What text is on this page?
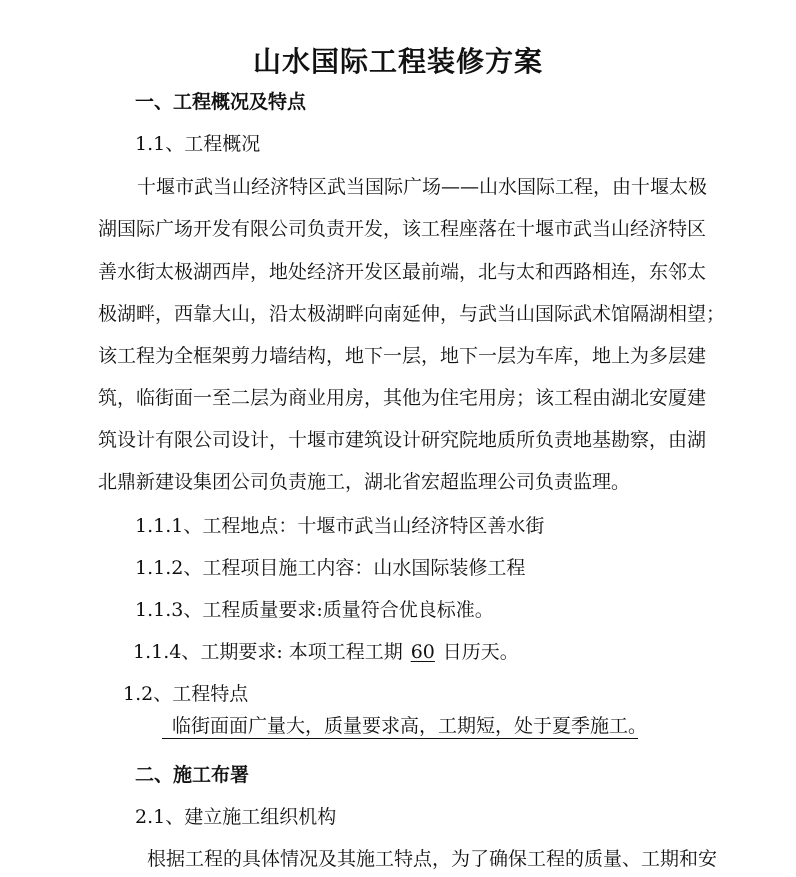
山水国际工程装修方案
一、工程概况及特点
1.1、工程概况
十堰市武当山经济特区武当国际广场——山水国际工程，由十堰太极
湖国际广场开发有限公司负责开发，该工程座落在十堰市武当山经济特区
善水街太极湖西岸，地处经济开发区最前端，北与太和西路相连，东邻太
极湖畔，西靠大山，沿太极湖畔向南延伸，与武当山国际武术馆隔湖相望；
该工程为全框架剪力墙结构，地下一层，地下一层为车库，地上为多层建
筑，临街面一至二层为商业用房，其他为住宅用房；该工程由湖北安厦建
筑设计有限公司设计，十堰市建筑设计研究院地质所负责地基勘察，由湖
北鼎新建设集团公司负责施工，湖北省宏超监理公司负责监理。
1.1.1、工程地点：十堰市武当山经济特区善水街
1.1.2、工程项目施工内容：山水国际装修工程
1.1.3、工程质量要求:质量符合优良标准。
1.1.4、工期要求: 本项工程工期 60 日历天。
1.2、工程特点
临街面面广量大，质量要求高，工期短，处于夏季施工。
二、施工布署
2.1、建立施工组织机构
根据工程的具体情况及其施工特点，为了确保工程的质量、工期和安
